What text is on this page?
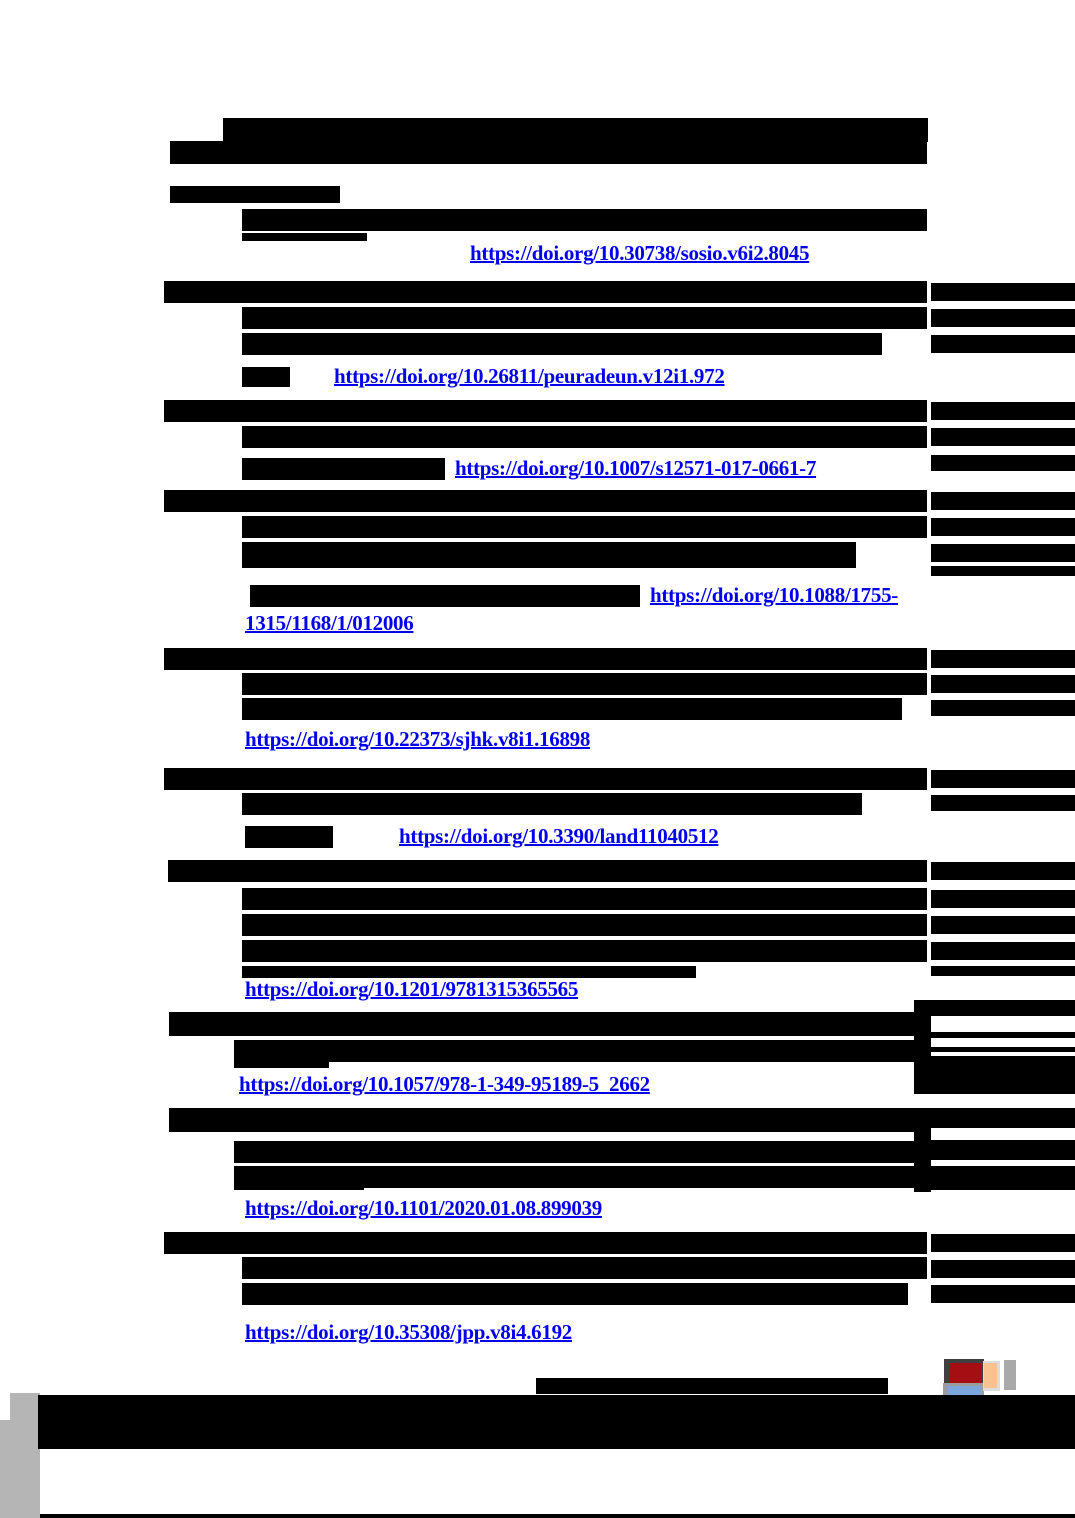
https://doi.org/10.30738/sosio.v6i2.8045
https://doi.org/10.26811/peuradeun.v12i1.972
https://doi.org/10.1007/s12571-017-0661-7
https://doi.org/10.1088/1755-
1315/1168/1/012006
https://doi.org/10.22373/sjhk.v8i1.16898
https://doi.org/10.3390/land11040512
https://doi.org/10.1201/9781315365565
https://doi.org/10.1057/978-1-349-95189-5_2662
https://doi.org/10.1101/2020.01.08.899039
https://doi.org/10.35308/jpp.v8i4.6192
